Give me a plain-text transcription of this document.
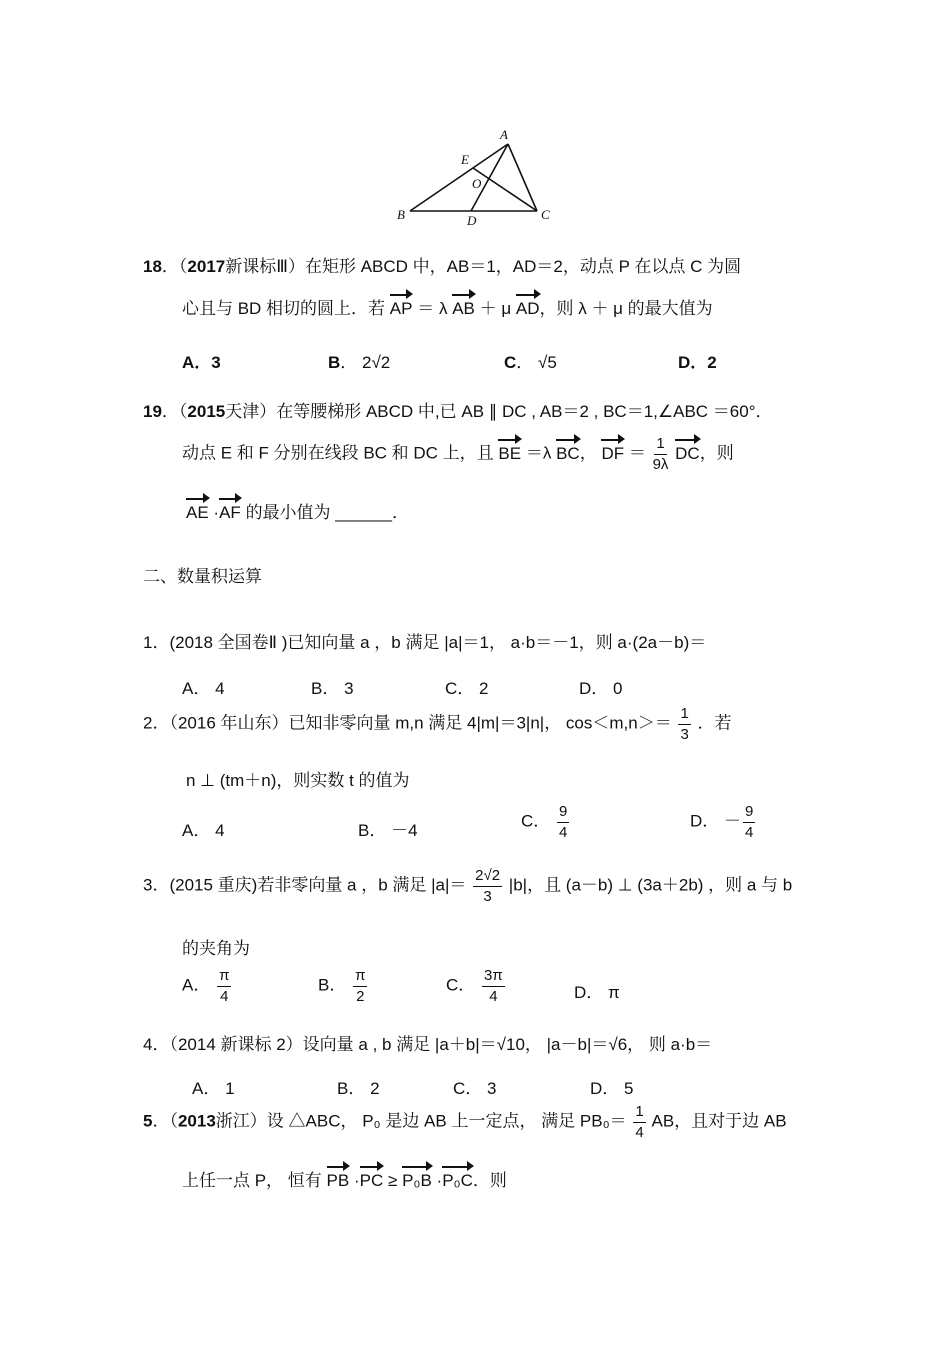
A
E
O
B	D	C
18．（2017新课标Ⅲ）在矩形 ABCD 中，AB＝1，AD＝2，动点 P 在以点 C 为圆
心且与 BD 相切的圆上．若 AP ＝ λ AB ＋ μ AD，则 λ ＋ μ 的最大值为
A．3	B． 2√2	C． √5	D．2
19．（2015天津）在等腰梯形 ABCD 中,已 AB ∥ DC , AB＝2 , BC＝1,∠ABC ＝60°．
动点 E 和 F 分别在线段 BC 和 DC 上，且 BE ＝λ BC， DF ＝ $\frac{1}{9\lambda}$ DC，则
AE ·AF 的最小值为 ______．
二、数量积运算
1．(2018 全国卷Ⅱ )已知向量 a ，b 满足 |a|＝1， a·b＝－1，则 a·(2a－b)＝
A． 4	B． 3	C． 2	D． 0
2．（2016 年山东）已知非零向量 m,n 满足 4|m|＝3|n|， $\cos<m,n>= \frac{1}{3}$ ．若
n ⊥ (tm＋n)，则实数 t 的值为
A． 4	B． －4	C． $\frac{9}{4}$	D． － $\frac{9}{4}$
3．(2015 重庆)若非零向量 a ，b 满足 $|a|= \frac{2√2}{3} |b|$，且 (a－b) ⊥ (3a＋2b) ，则 a 与 b
的夹角为
A． $\frac{\pi}{4}$	B． $\frac{\pi}{2}$	C． $\frac{3\pi}{4}$	D． π
4．（2014 新课标 2）设向量 a , b 满足 |a＋b|＝√10， |a－b|＝√6， 则 a·b＝
A． 1	B． 2	C． 3	D． 5
5．（2013浙江）设 △ABC， P₀ 是边 AB 上一定点， 满足 $PB_0= \frac{1}{4}$ AB，且对于边 AB
上任一点 P， 恒有 PB ·PC ≥ P₀B ·P₀C．则
